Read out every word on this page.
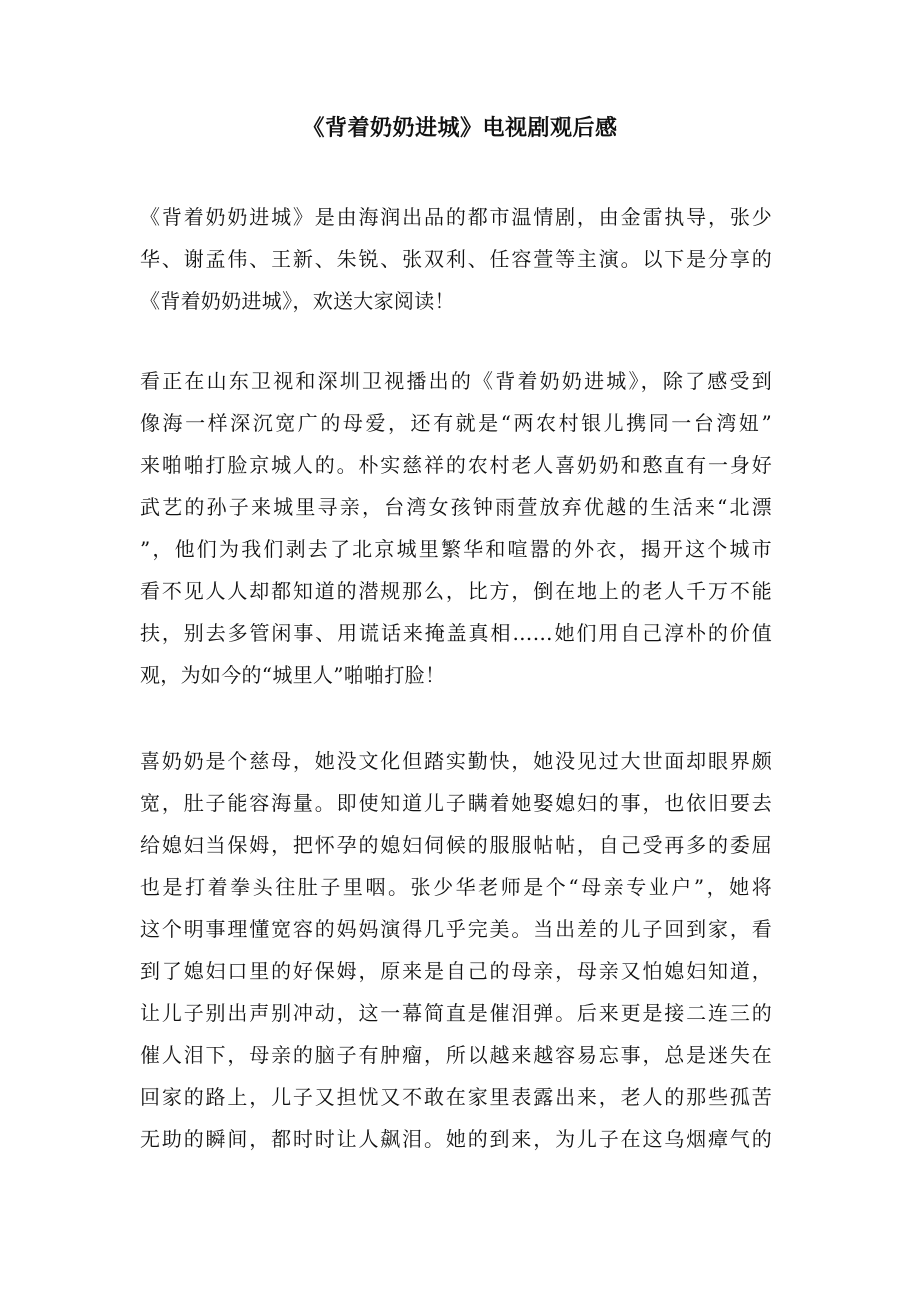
《背着奶奶进城》电视剧观后感
《背着奶奶进城》是由海润出品的都市温情剧，由金雷执导，张少
华、谢孟伟、王新、朱锐、张双利、任容萱等主演。以下是分享的
《背着奶奶进城》，欢送大家阅读！
看正在山东卫视和深圳卫视播出的《背着奶奶进城》，除了感受到
像海一样深沉宽广的母爱，还有就是“两农村银儿携同一台湾妞”
来啪啪打脸京城人的。朴实慈祥的农村老人喜奶奶和憨直有一身好
武艺的孙子来城里寻亲，台湾女孩钟雨萱放弃优越的生活来“北漂
”，他们为我们剥去了北京城里繁华和喧嚣的外衣，揭开这个城市
看不见人人却都知道的潜规那么，比方，倒在地上的老人千万不能
扶，别去多管闲事、用谎话来掩盖真相……她们用自己淳朴的价值
观，为如今的“城里人”啪啪打脸！
喜奶奶是个慈母，她没文化但踏实勤快，她没见过大世面却眼界颇
宽，肚子能容海量。即使知道儿子瞒着她娶媳妇的事，也依旧要去
给媳妇当保姆，把怀孕的媳妇伺候的服服帖帖，自己受再多的委屈
也是打着拳头往肚子里咽。张少华老师是个“母亲专业户”，她将
这个明事理懂宽容的妈妈演得几乎完美。当出差的儿子回到家，看
到了媳妇口里的好保姆，原来是自己的母亲，母亲又怕媳妇知道，
让儿子别出声别冲动，这一幕简直是催泪弹。后来更是接二连三的
催人泪下，母亲的脑子有肿瘤，所以越来越容易忘事，总是迷失在
回家的路上，儿子又担忧又不敢在家里表露出来，老人的那些孤苦
无助的瞬间，都时时让人飙泪。她的到来，为儿子在这乌烟瘴气的
